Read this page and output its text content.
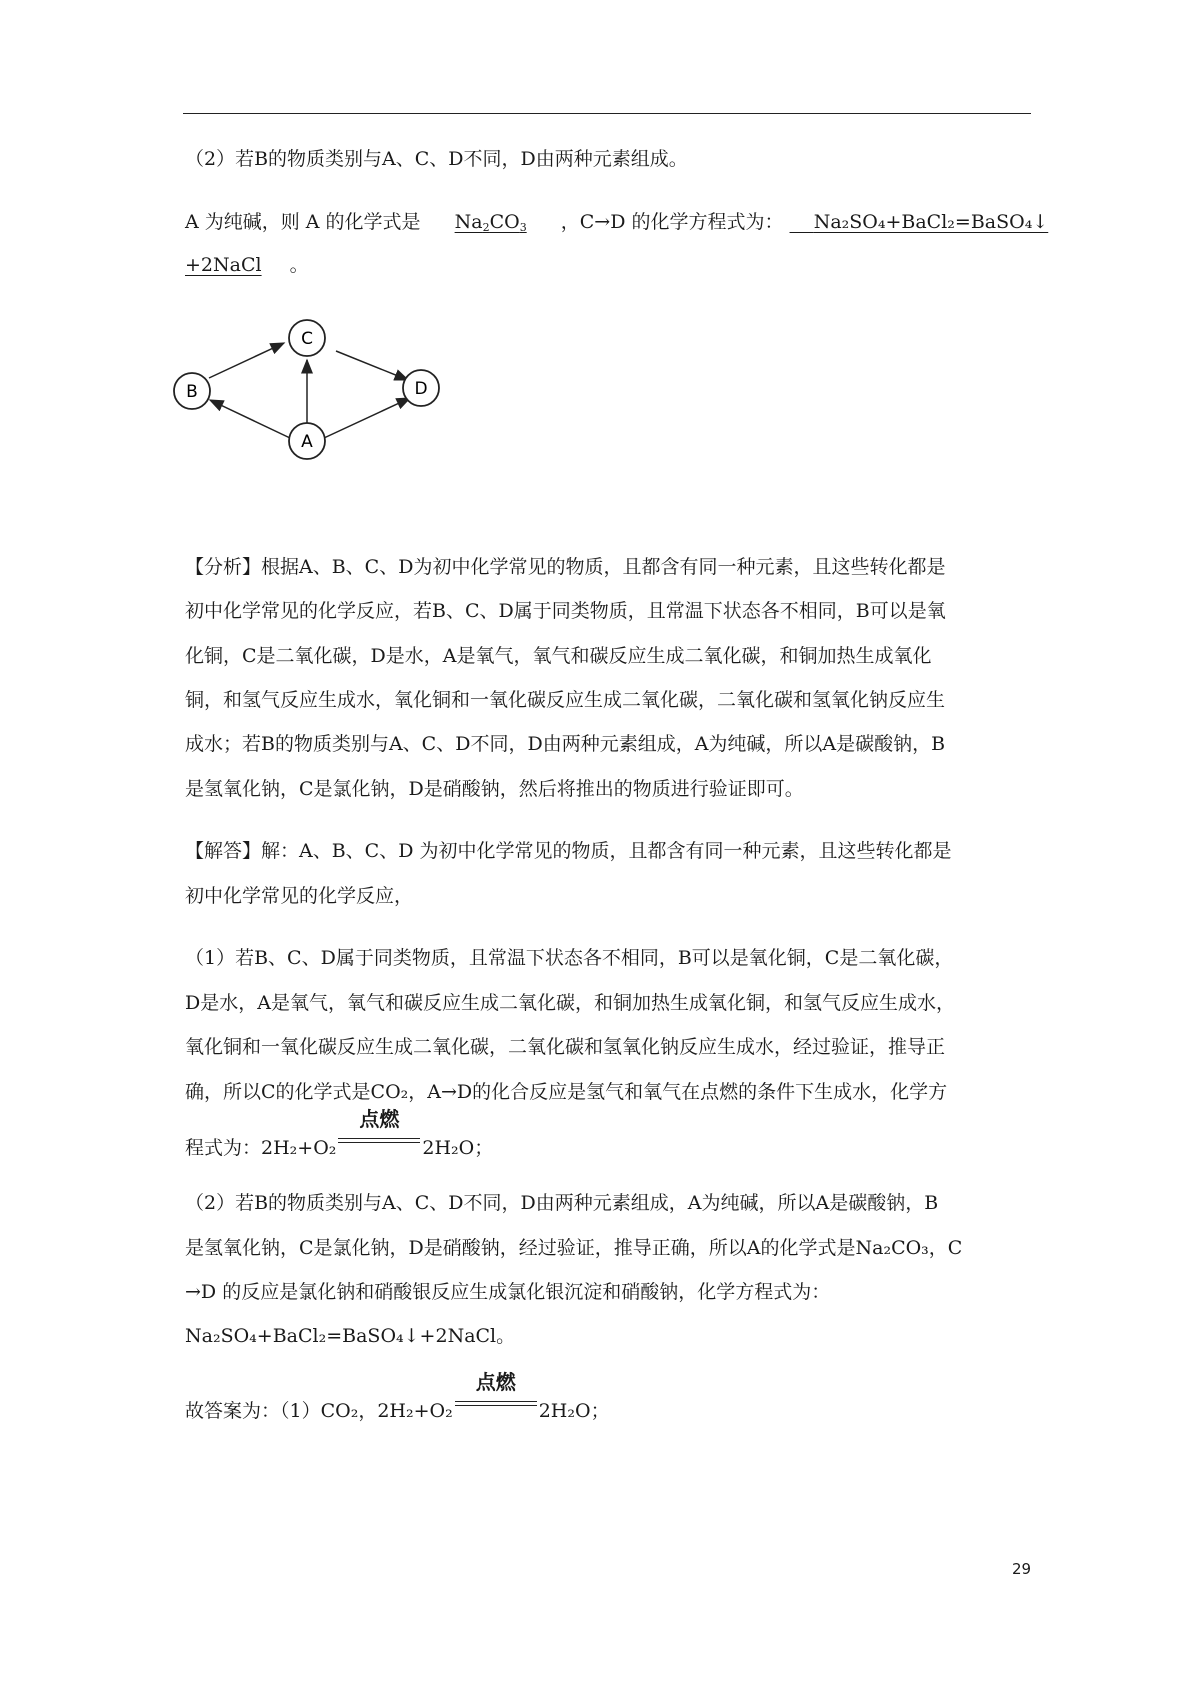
（2）若B的物质类别与A、C、D不同，D由两种元素组成。
A 为纯碱，则 A 的化学式是 $Na_2CO_3$ ，C→D 的化学方程式为： Na₂SO₄+BaCl₂=BaSO₄↓
+2NaCl 。
C
B	D
A
【分析】根据A、B、C、D为初中化学常见的物质，且都含有同一种元素，且这些转化都是
初中化学常见的化学反应，若B、C、D属于同类物质，且常温下状态各不相同，B可以是氧
化铜，C是二氧化碳，D是水，A是氧气，氧气和碳反应生成二氧化碳，和铜加热生成氧化
铜，和氢气反应生成水，氧化铜和一氧化碳反应生成二氧化碳，二氧化碳和氢氧化钠反应生
成水；若B的物质类别与A、C、D不同，D由两种元素组成，A为纯碱，所以A是碳酸钠，B
是氢氧化钠，C是氯化钠，D是硝酸钠，然后将推出的物质进行验证即可。
【解答】解：A、B、C、D 为初中化学常见的物质，且都含有同一种元素，且这些转化都是
初中化学常见的化学反应，
（1）若B、C、D属于同类物质，且常温下状态各不相同，B可以是氧化铜，C是二氧化碳，
D是水，A是氧气，氧气和碳反应生成二氧化碳，和铜加热生成氧化铜，和氢气反应生成水，
氧化铜和一氧化碳反应生成二氧化碳，二氧化碳和氢氧化钠反应生成水，经过验证，推导正
确，所以C的化学式是CO₂，A→D的化合反应是氢气和氧气在点燃的条件下生成水，化学方
程式为：2H₂+O₂
点燃
2H₂O；
（2）若B的物质类别与A、C、D不同，D由两种元素组成，A为纯碱，所以A是碳酸钠，B
是氢氧化钠，C是氯化钠，D是硝酸钠，经过验证，推导正确，所以A的化学式是Na₂CO₃，C
→D 的反应是氯化钠和硝酸银反应生成氯化银沉淀和硝酸钠，化学方程式为：
Na₂SO₄+BaCl₂=BaSO₄↓+2NaCl。
故答案为：（1）CO₂，2H₂+O₂
点燃
2H₂O；
29
